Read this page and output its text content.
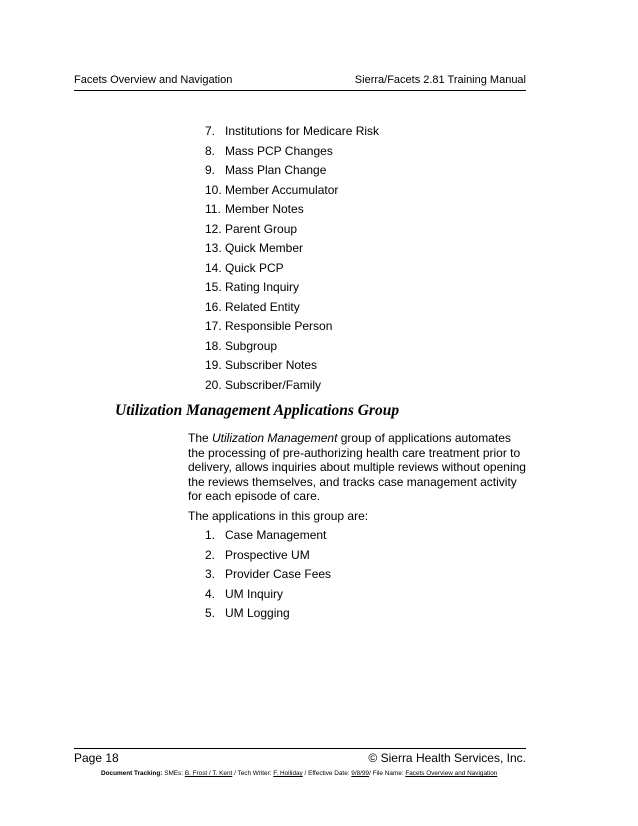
Facets Overview and Navigation	Sierra/Facets 2.81 Training Manual
7. Institutions for Medicare Risk
8. Mass PCP Changes
9. Mass Plan Change
10. Member Accumulator
11. Member Notes
12. Parent Group
13. Quick Member
14. Quick PCP
15. Rating Inquiry
16. Related Entity
17. Responsible Person
18. Subgroup
19. Subscriber Notes
20. Subscriber/Family
Utilization Management Applications Group

The Utilization Management group of applications automates the processing of pre-authorizing health care treatment prior to delivery, allows inquiries about multiple reviews without opening the reviews themselves, and tracks case management activity for each episode of care.

The applications in this group are:

1. Case Management
2. Prospective UM
3. Provider Case Fees
4. UM Inquiry
5. UM Logging
Page 18	© Sierra Health Services, Inc.
Document Tracking: SMEs: B. Frost / T. Kent / Tech Writer: F. Holliday / Effective Date: 9/8/99/ File Name: Facets Overview and Navigation
